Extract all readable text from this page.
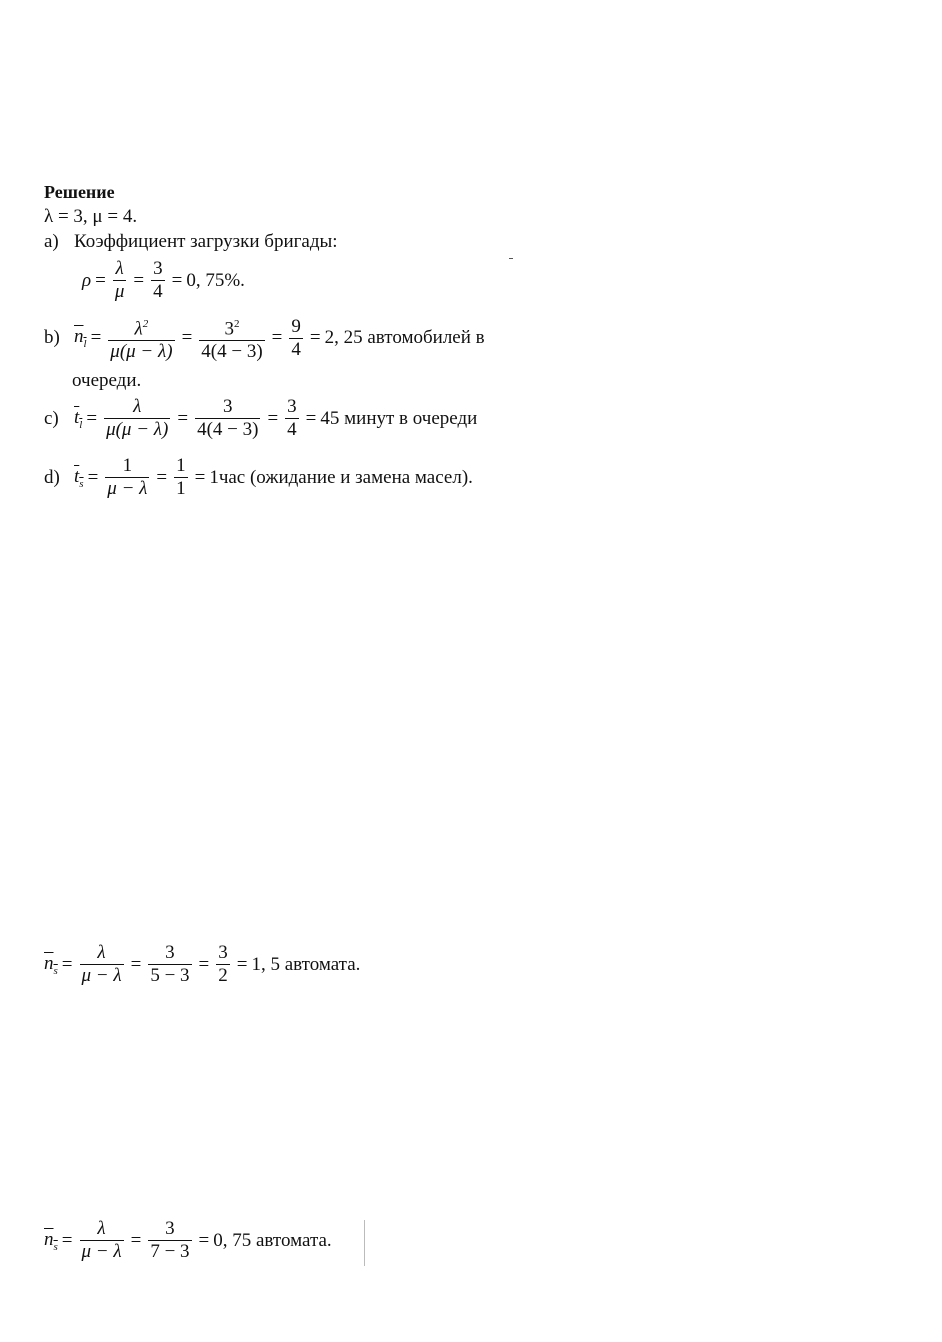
Решение
λ = 3, μ = 4.
a) Коэффициент загрузки бригады:
$\rho = \frac{\lambda}{\mu} = \frac{3}{4} = 0$, 75%.
b) $n_l = \frac{\lambda^2}{\mu(\mu - \lambda)} = \frac{3^2}{4(4 - 3)} = \frac{9}{4} = 2$, 25 автомобилей в
очереди.
c) $t_l = \frac{\lambda}{\mu(\mu - \lambda)} = \frac{3}{4(4 - 3)} = \frac{3}{4} = 45$ минут в очереди
d) $t_s = \frac{1}{\mu - \lambda} = \frac{1}{1} = 1час$ (ожидание и замена масел).
$n_s = \frac{\lambda}{\mu - \lambda} = \frac{3}{5 - 3} = \frac{3}{2} = 1$, 5 автомата.
$n_s = \frac{\lambda}{\mu - \lambda} = \frac{3}{7 - 3} = 0$, 75 автомата.
